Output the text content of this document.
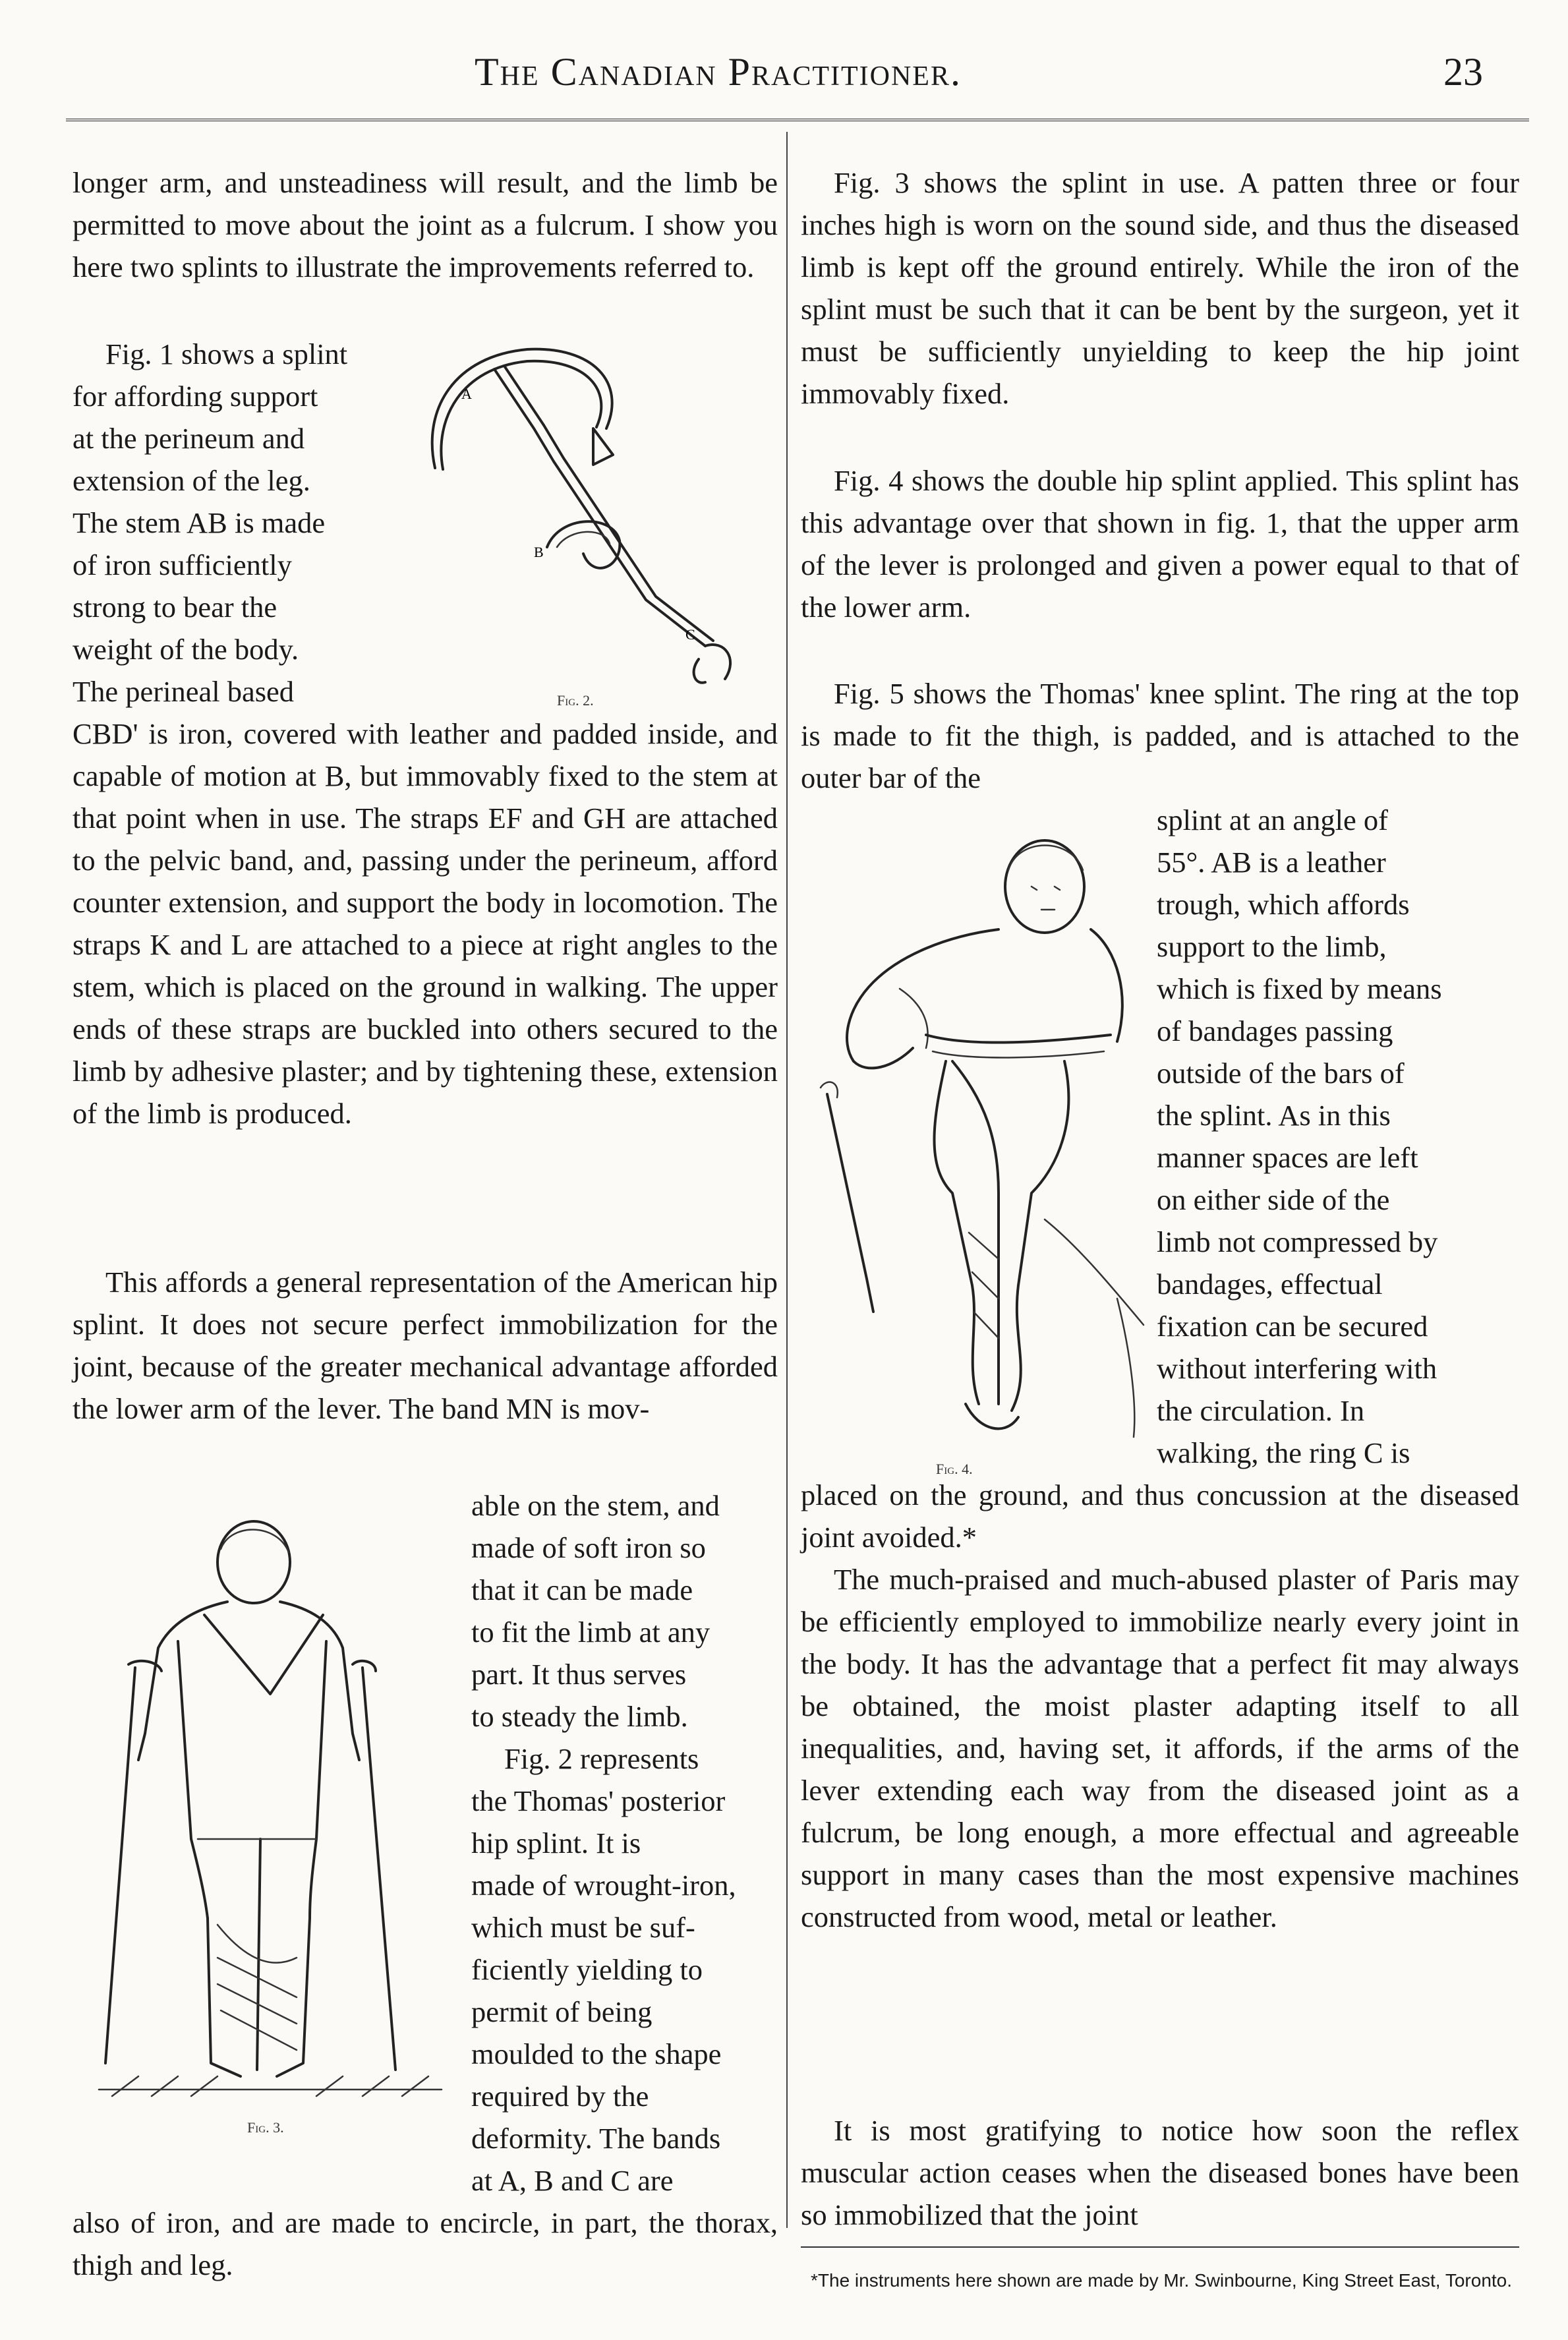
The Canadian Practitioner.	23

longer arm, and unsteadiness will result, and the limb be permitted to move about the joint as a fulcrum. I show you here two splints to illustrate the improvements referred to.

Fig. 1 shows a splint
for affording support
at the perineum and
extension of the leg.
The stem AB is made
of iron sufficiently
strong to bear the
weight of the body.
The perineal based
A
B
C
Fig. 2.

CBD' is iron, covered with leather and padded inside, and capable of motion at B, but immovably fixed to the stem at that point when in use. The straps EF and GH are attached to the pelvic band, and, passing under the perineum, afford counter extension, and support the body in locomotion. The straps K and L are attached to a piece at right angles to the stem, which is placed on the ground in walking. The upper ends of these straps are buckled into others secured to the limb by adhesive plaster; and by tightening these, extension of the limb is produced.

This affords a general representation of the American hip splint. It does not secure perfect immobilization for the joint, because of the greater mechanical advantage afforded the lower arm of the lever. The band MN is mov-

Fig. 3.
able on the stem, and
made of soft iron so
that it can be made
to fit the limb at any
part. It thus serves
to steady the limb.
Fig. 2 represents
the Thomas' posterior
hip splint. It is
made of wrought-iron,
which must be suf-
ficiently yielding to
permit of being
moulded to the shape
required by the
deformity. The bands
at A, B and C are

also of iron, and are made to encircle, in part, the thorax, thigh and leg.

Fig. 3 shows the splint in use. A patten three or four inches high is worn on the sound side, and thus the diseased limb is kept off the ground entirely. While the iron of the splint must be such that it can be bent by the surgeon, yet it must be sufficiently unyielding to keep the hip joint immovably fixed.

Fig. 4 shows the double hip splint applied. This splint has this advantage over that shown in fig. 1, that the upper arm of the lever is prolonged and given a power equal to that of the lower arm.

Fig. 5 shows the Thomas' knee splint. The ring at the top is made to fit the thigh, is padded, and is attached to the outer bar of the

Fig. 4.
splint at an angle of
55°. AB is a leather
trough, which affords
support to the limb,
which is fixed by means
of bandages passing
outside of the bars of
the splint. As in this
manner spaces are left
on either side of the
limb not compressed by
bandages, effectual
fixation can be secured
without interfering with
the circulation. In
walking, the ring C is

placed on the ground, and thus concussion at the diseased joint avoided.*

The much-praised and much-abused plaster of Paris may be efficiently employed to immobilize nearly every joint in the body. It has the advantage that a perfect fit may always be obtained, the moist plaster adapting itself to all inequalities, and, having set, it affords, if the arms of the lever extending each way from the diseased joint as a fulcrum, be long enough, a more effectual and agreeable support in many cases than the most expensive machines constructed from wood, metal or leather.

It is most gratifying to notice how soon the reflex muscular action ceases when the diseased bones have been so immobilized that the joint

*The instruments here shown are made by Mr. Swinbourne, King Street East, Toronto.
